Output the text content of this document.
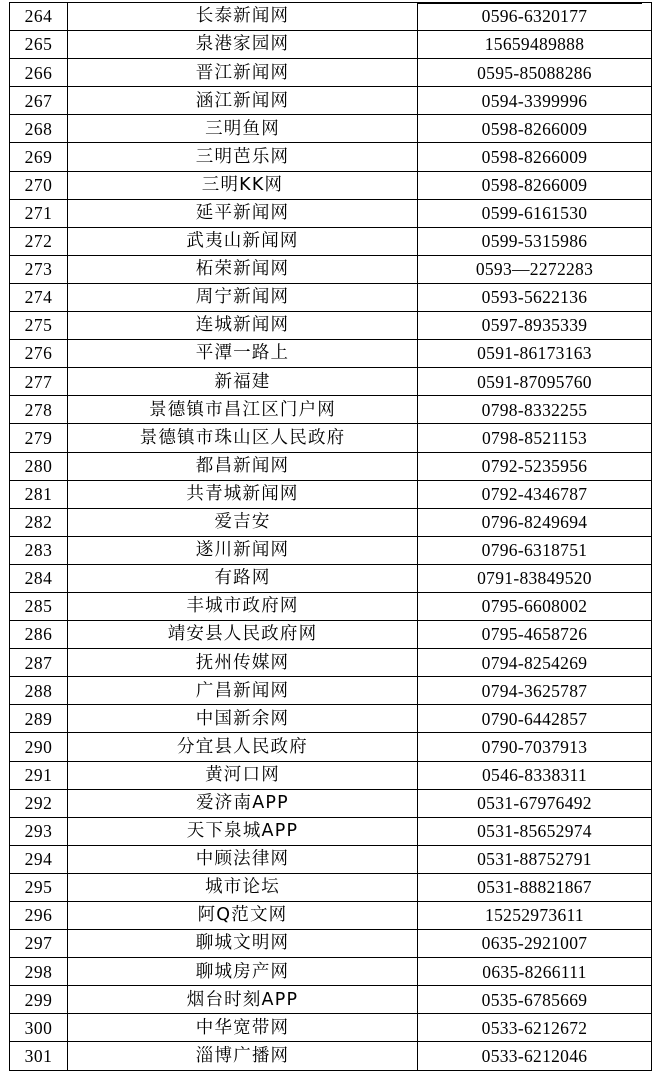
264	长泰新闻网	0596-6320177
265	泉港家园网	15659489888
266	晋江新闻网	0595-85088286
267	涵江新闻网	0594-3399996
268	三明鱼网	0598-8266009
269	三明芭乐网	0598-8266009
270	三明KK网	0598-8266009
271	延平新闻网	0599-6161530
272	武夷山新闻网	0599-5315986
273	柘荣新闻网	0593—2272283
274	周宁新闻网	0593-5622136
275	连城新闻网	0597-8935339
276	平潭一路上	0591-86173163
277	新福建	0591-87095760
278	景德镇市昌江区门户网	0798-8332255
279	景德镇市珠山区人民政府	0798-8521153
280	都昌新闻网	0792-5235956
281	共青城新闻网	0792-4346787
282	爱吉安	0796-8249694
283	遂川新闻网	0796-6318751
284	有路网	0791-83849520
285	丰城市政府网	0795-6608002
286	靖安县人民政府网	0795-4658726
287	抚州传媒网	0794-8254269
288	广昌新闻网	0794-3625787
289	中国新余网	0790-6442857
290	分宜县人民政府	0790-7037913
291	黄河口网	0546-8338311
292	爱济南APP	0531-67976492
293	天下泉城APP	0531-85652974
294	中顾法律网	0531-88752791
295	城市论坛	0531-88821867
296	阿Q范文网	15252973611
297	聊城文明网	0635-2921007
298	聊城房产网	0635-8266111
299	烟台时刻APP	0535-6785669
300	中华宽带网	0533-6212672
301	淄博广播网	0533-6212046
